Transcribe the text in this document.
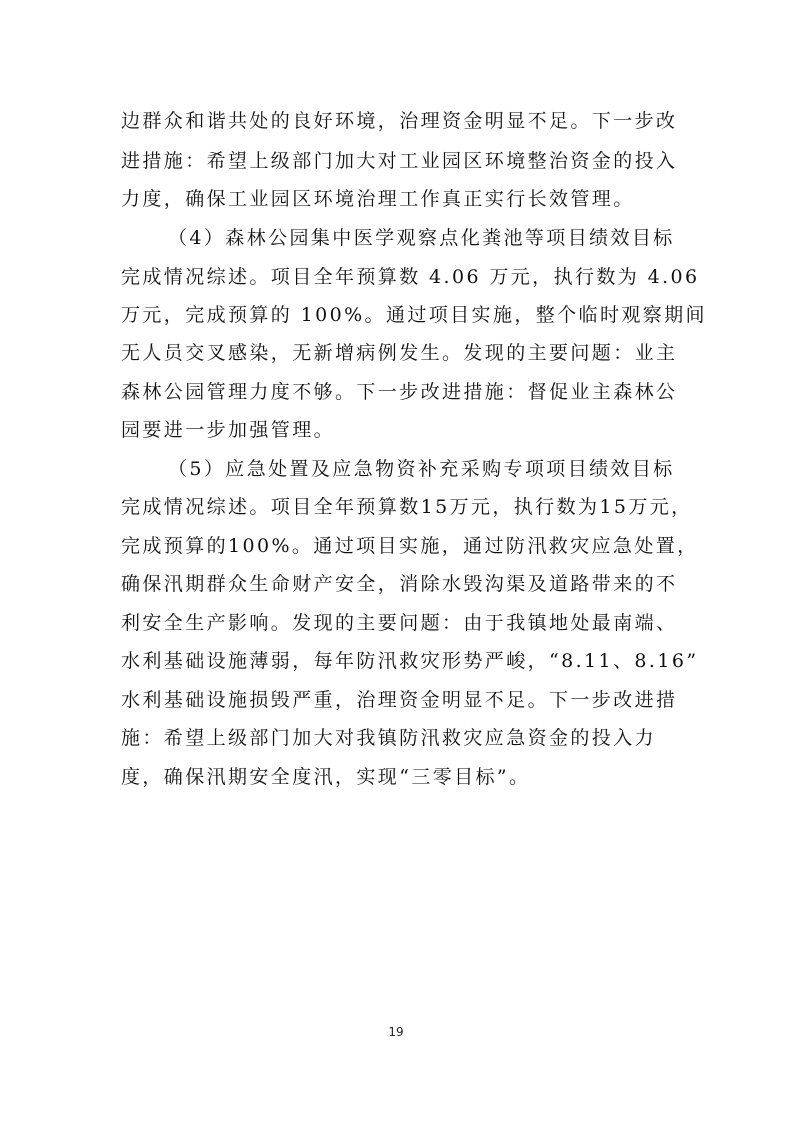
边群众和谐共处的良好环境，治理资金明显不足。下一步改
进措施：希望上级部门加大对工业园区环境整治资金的投入
力度，确保工业园区环境治理工作真正实行长效管理。
（4）森林公园集中医学观察点化粪池等项目绩效目标
完成情况综述。项目全年预算数 4.06 万元，执行数为 4.06
万元，完成预算的 100%。通过项目实施，整个临时观察期间
无人员交叉感染，无新增病例发生。发现的主要问题：业主
森林公园管理力度不够。下一步改进措施：督促业主森林公
园要进一步加强管理。
（5）应急处置及应急物资补充采购专项项目绩效目标
完成情况综述。项目全年预算数15万元，执行数为15万元，
完成预算的100%。通过项目实施，通过防汛救灾应急处置，
确保汛期群众生命财产安全，消除水毁沟渠及道路带来的不
利安全生产影响。发现的主要问题：由于我镇地处最南端、
水利基础设施薄弱，每年防汛救灾形势严峻，“8.11、8.16”
水利基础设施损毁严重，治理资金明显不足。下一步改进措
施：希望上级部门加大对我镇防汛救灾应急资金的投入力
度，确保汛期安全度汛，实现“三零目标”。
19
